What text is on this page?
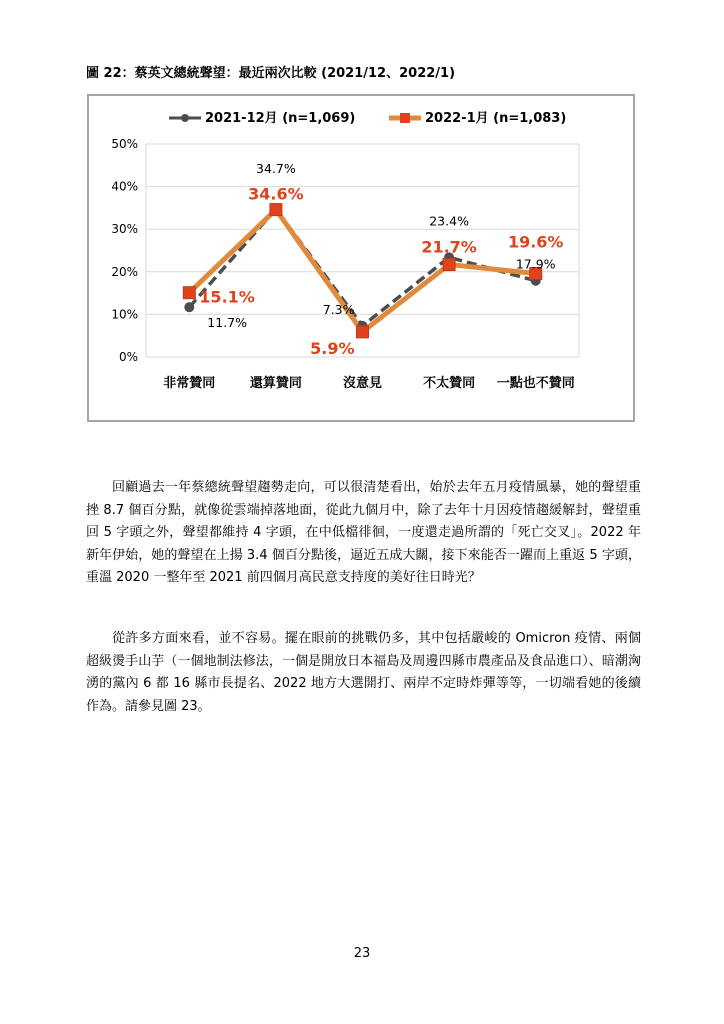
圖 22：蔡英文總統聲望：最近兩次比較 (2021/12、2022/1)
0%
10%
20%
30%
40%
50%
非常贊同	還算贊同	沒意見	不太贊同 一點也不贊同
2021-12月 (n=1,069)	2022-1月 (n=1,083)
11.7%
34.7%
7.3%
23.4%
17.9%
15.1%
34.6%
5.9%
21.7% 19.6%
回顧過去一年蔡總統聲望趨勢走向，可以很清楚看出，始於去年五月疫情風暴，她的聲望重挫 8.7 個百分點，就像從雲端掉落地面，從此九個月中，除了去年十月因疫情趨緩解封，聲望重回 5 字頭之外，聲望都維持 4 字頭，在中低檔徘徊，一度還走過所謂的「死亡交叉」。2022 年新年伊始，她的聲望在上揚 3.4 個百分點後，逼近五成大關，接下來能否一躍而上重返 5 字頭，重溫 2020 一整年至 2021 前四個月高民意支持度的美好往日時光？
從許多方面來看，並不容易。擺在眼前的挑戰仍多，其中包括嚴峻的 Omicron 疫情、兩個超級燙手山芋（一個地制法修法，一個是開放日本福島及周邊四縣市農產品及食品進口）、暗潮洶湧的黨內 6 都 16 縣市長提名、2022 地方大選開打、兩岸不定時炸彈等等，一切端看她的後續作為。請參見圖 23。
23
